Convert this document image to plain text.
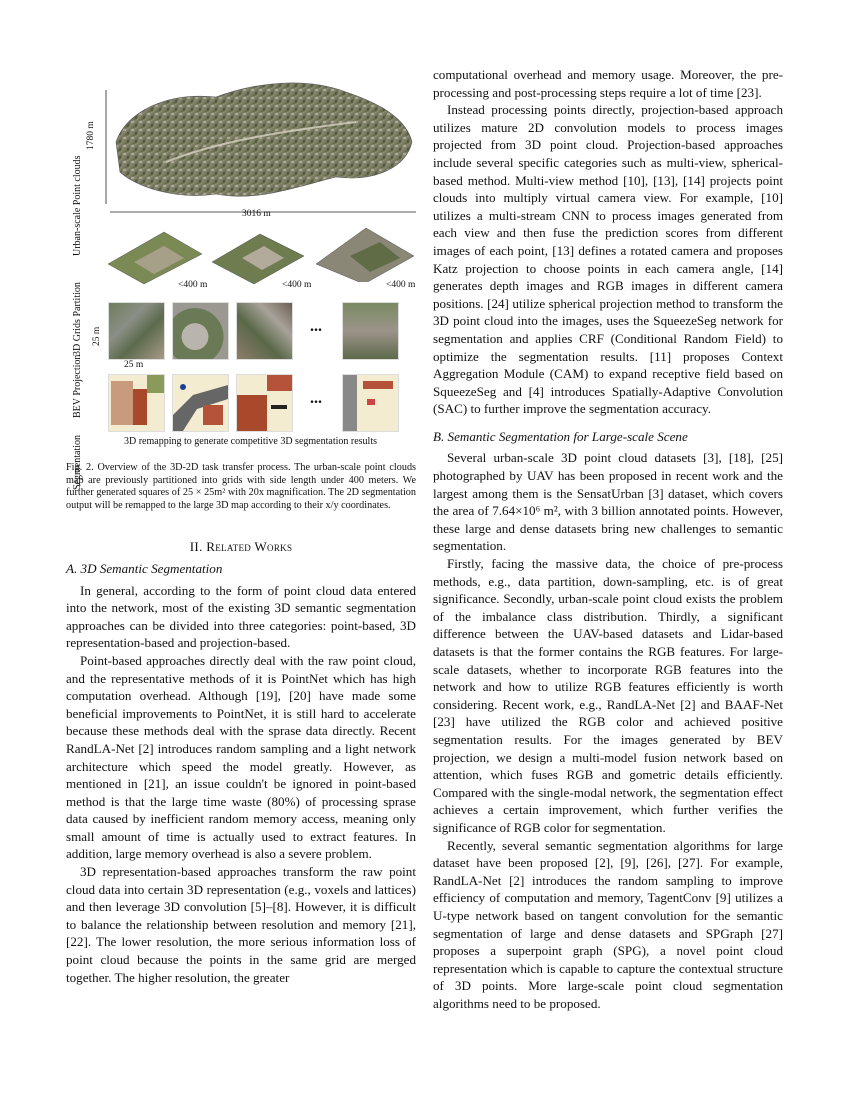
Urban-scale Point clouds
3D Grids Partition
BEV Projection
Segmentation
1780 m
3016 m
<400 m	<400 m	<400 m
...
25 m
25 m
...
3D remapping to generate competitive 3D segmentation results

Fig. 2. Overview of the 3D-2D task transfer process. The urban-scale point clouds map are previously partitioned into grids with side length under 400 meters. We further generated squares of 25 × 25m² with 20x magnification. The 2D segmentation output will be remapped to the large 3D map according to their x/y coordinates.

II. Related Works

A. 3D Semantic Segmentation

In general, according to the form of point cloud data entered into the network, most of the existing 3D semantic segmentation approaches can be divided into three categories: point-based, 3D representation-based and projection-based.

Point-based approaches directly deal with the raw point cloud, and the representative methods of it is PointNet which has high computation overhead. Although [19], [20] have made some beneficial improvements to PointNet, it is still hard to accelerate because these methods deal with the sprase data directly. Recent RandLA-Net [2] introduces random sampling and a light network architecture which speed the model greatly. However, as mentioned in [21], an issue couldn't be ignored in point-based method is that the large time waste (80%) of processing sprase data caused by inefficient random memory access, meaning only small amount of time is actually used to extract features. In addition, large memory overhead is also a severe problem.

3D representation-based approaches transform the raw point cloud data into certain 3D representation (e.g., voxels and lattices) and then leverage 3D convolution [5]–[8]. However, it is difficult to balance the relationship between resolution and memory [21], [22]. The lower resolution, the more serious information loss of point cloud because the points in the same grid are merged together. The higher resolution, the greater

computational overhead and memory usage. Moreover, the pre-processing and post-processing steps require a lot of time [23].

Instead processing points directly, projection-based approach utilizes mature 2D convolution models to process images projected from 3D point cloud. Projection-based approaches include several specific categories such as multi-view, spherical-based method. Multi-view method [10], [13], [14] projects point clouds into multiply virtual camera view. For example, [10] utilizes a multi-stream CNN to process images generated from each view and then fuse the prediction scores from different images of each point, [13] defines a rotated camera and proposes Katz projection to choose points in each camera angle, [14] generates depth images and RGB images in different camera positions. [24] utilize spherical projection method to transform the 3D point cloud into the images, uses the SqueezeSeg network for segmentation and applies CRF (Conditional Random Field) to optimize the segmentation results. [11] proposes Context Aggregation Module (CAM) to expand receptive field based on SqueezeSeg and [4] introduces Spatially-Adaptive Convolution (SAC) to further improve the segmentation accuracy.

B. Semantic Segmentation for Large-scale Scene

Several urban-scale 3D point cloud datasets [3], [18], [25] photographed by UAV has been proposed in recent work and the largest among them is the SensatUrban [3] dataset, which covers the area of 7.64×10⁶ m², with 3 billion annotated points. However, these large and dense datasets bring new challenges to semantic segmentation.

Firstly, facing the massive data, the choice of pre-process methods, e.g., data partition, down-sampling, etc. is of great significance. Secondly, urban-scale point cloud exists the problem of the imbalance class distribution. Thirdly, a significant difference between the UAV-based datasets and Lidar-based datasets is that the former contains the RGB features. For large-scale datasets, whether to incorporate RGB features into the network and how to utilize RGB features efficiently is worth considering. Recent work, e.g., RandLA-Net [2] and BAAF-Net [23] have utilized the RGB color and achieved positive segmentation results. For the images generated by BEV projection, we design a multi-model fusion network based on attention, which fuses RGB and gometric details efficiently. Compared with the single-modal network, the segmentation effect achieves a certain improvement, which further verifies the significance of RGB color for segmentation.

Recently, several semantic segmentation algorithms for large dataset have been proposed [2], [9], [26], [27]. For example, RandLA-Net [2] introduces the random sampling to improve efficiency of computation and memory, TagentConv [9] utilizes a U-type network based on tangent convolution for the semantic segmentation of large and dense datasets and SPGraph [27] proposes a superpoint graph (SPG), a novel point cloud representation which is capable to capture the contextual structure of 3D points. More large-scale point cloud segmentation algorithms need to be proposed.
